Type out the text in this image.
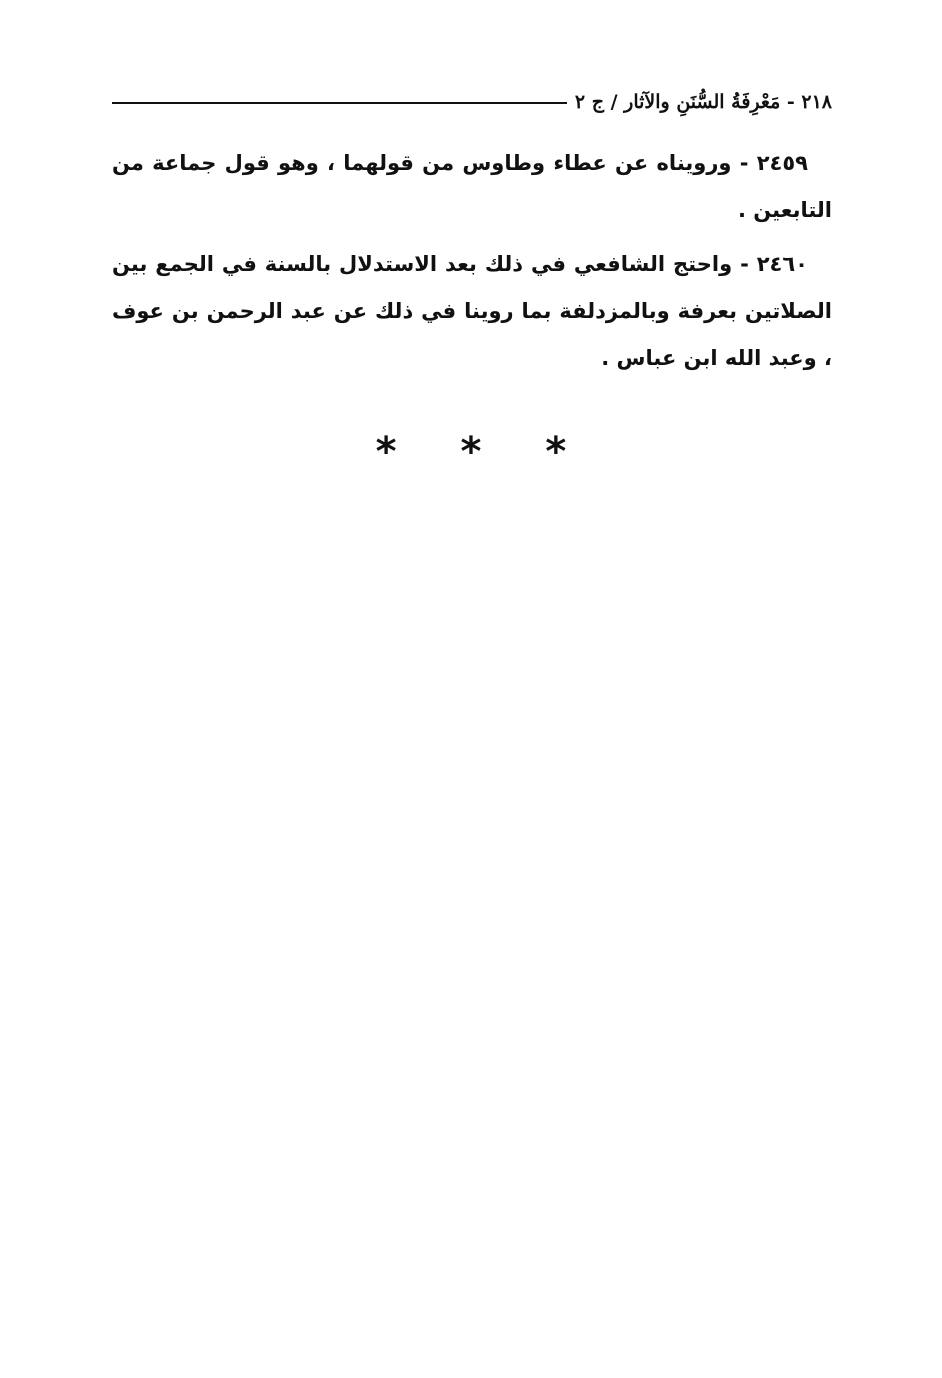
٢١٨ - مَعْرِفَةُ السُّنَنِ والآثار / ج ٢

٢٤٥٩ - ورويناه عن عطاء وطاوس من قولهما ، وهو قول جماعة من التابعين .

٢٤٦٠ - واحتج الشافعي في ذلك بعد الاستدلال بالسنة في الجمع بين الصلاتين بعرفة وبالمزدلفة بما روينا في ذلك عن عبد الرحمن بن عوف ، وعبد الله ابن عباس .

* * *
